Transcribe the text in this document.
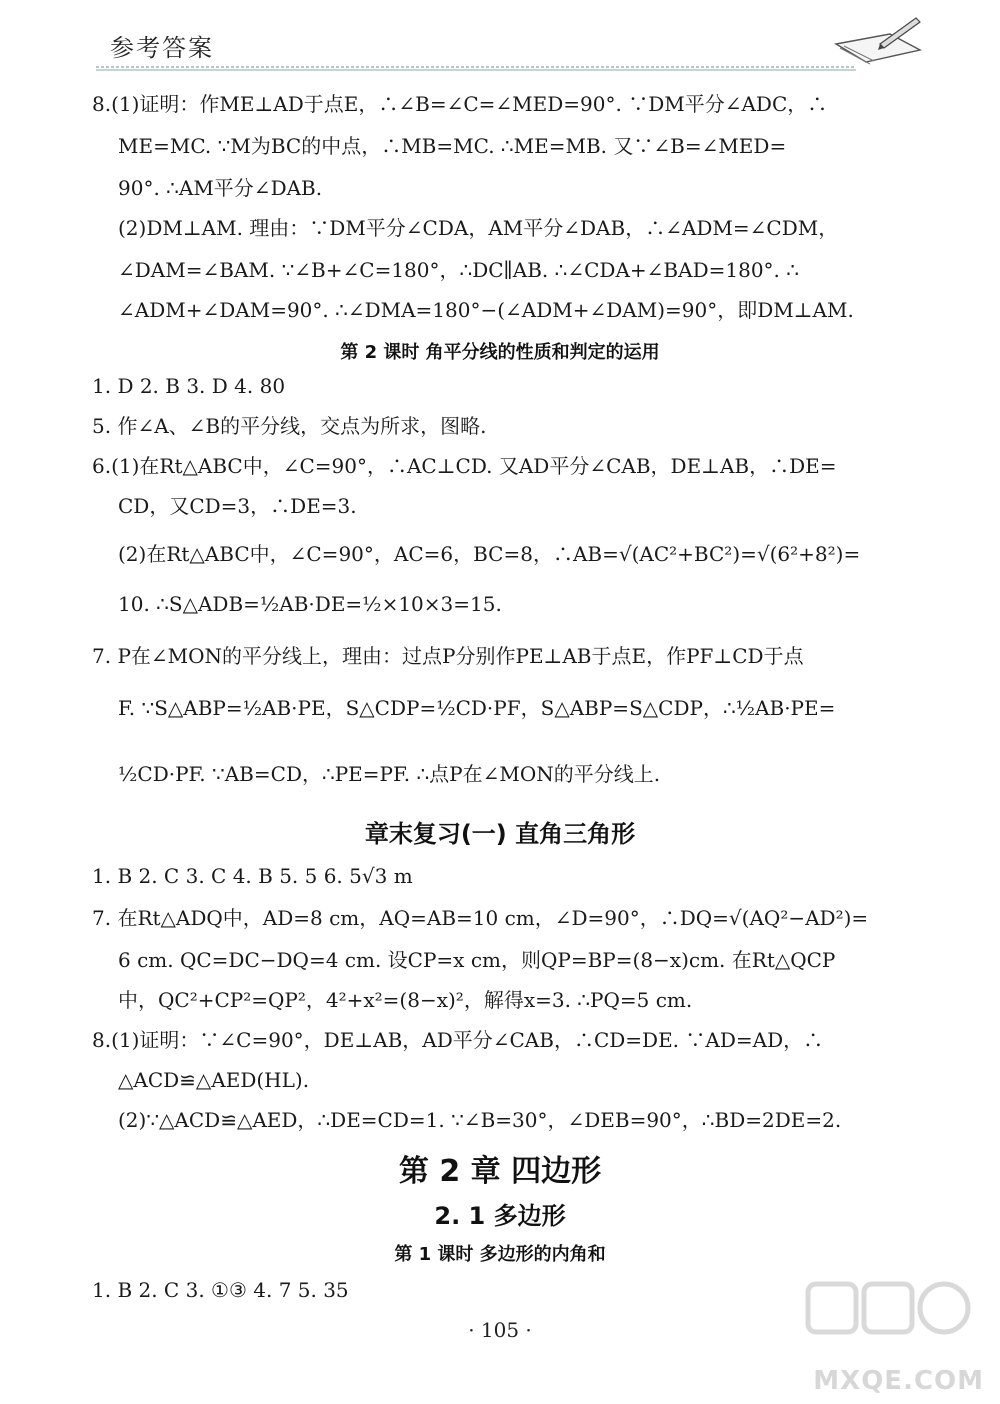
参考答案
8.(1)证明：作ME⊥AD于点E，∴∠B=∠C=∠MED=90°. ∵DM平分∠ADC，∴
ME=MC. ∵M为BC的中点，∴MB=MC. ∴ME=MB. 又∵∠B=∠MED=
90°. ∴AM平分∠DAB.
(2)DM⊥AM. 理由：∵DM平分∠CDA，AM平分∠DAB，∴∠ADM=∠CDM，
∠DAM=∠BAM. ∵∠B+∠C=180°，∴DC∥AB. ∴∠CDA+∠BAD=180°. ∴
∠ADM+∠DAM=90°. ∴∠DMA=180°−(∠ADM+∠DAM)=90°，即DM⊥AM.
第 2 课时 角平分线的性质和判定的运用
1. D 2. B 3. D 4. 80
5. 作∠A、∠B的平分线，交点为所求，图略.
6.(1)在Rt△ABC中，∠C=90°，∴AC⊥CD. 又AD平分∠CAB，DE⊥AB，∴DE=
CD，又CD=3，∴DE=3.
(2)在Rt△ABC中，∠C=90°，AC=6，BC=8，∴AB=√(AC²+BC²)=√(6²+8²)=
10. ∴S△ADB=½AB·DE=½×10×3=15.
7. P在∠MON的平分线上，理由：过点P分别作PE⊥AB于点E，作PF⊥CD于点
F. ∵S△ABP=½AB·PE，S△CDP=½CD·PF，S△ABP=S△CDP，∴½AB·PE=
½CD·PF. ∵AB=CD，∴PE=PF. ∴点P在∠MON的平分线上.
章末复习(一) 直角三角形
1. B 2. C 3. C 4. B 5. 5 6. 5√3 m
7. 在Rt△ADQ中，AD=8 cm，AQ=AB=10 cm，∠D=90°，∴DQ=√(AQ²−AD²)=
6 cm. QC=DC−DQ=4 cm. 设CP=x cm，则QP=BP=(8−x)cm. 在Rt△QCP
中，QC²+CP²=QP²，4²+x²=(8−x)²，解得x=3. ∴PQ=5 cm.
8.(1)证明：∵∠C=90°，DE⊥AB，AD平分∠CAB，∴CD=DE. ∵AD=AD，∴
△ACD≌△AED(HL).
(2)∵△ACD≌△AED，∴DE=CD=1. ∵∠B=30°，∠DEB=90°，∴BD=2DE=2.
第 2 章 四边形
2. 1 多边形
第 1 课时 多边形的内角和
1. B 2. C 3. ①③ 4. 7 5. 35
· 105 ·
MXQE.COM
